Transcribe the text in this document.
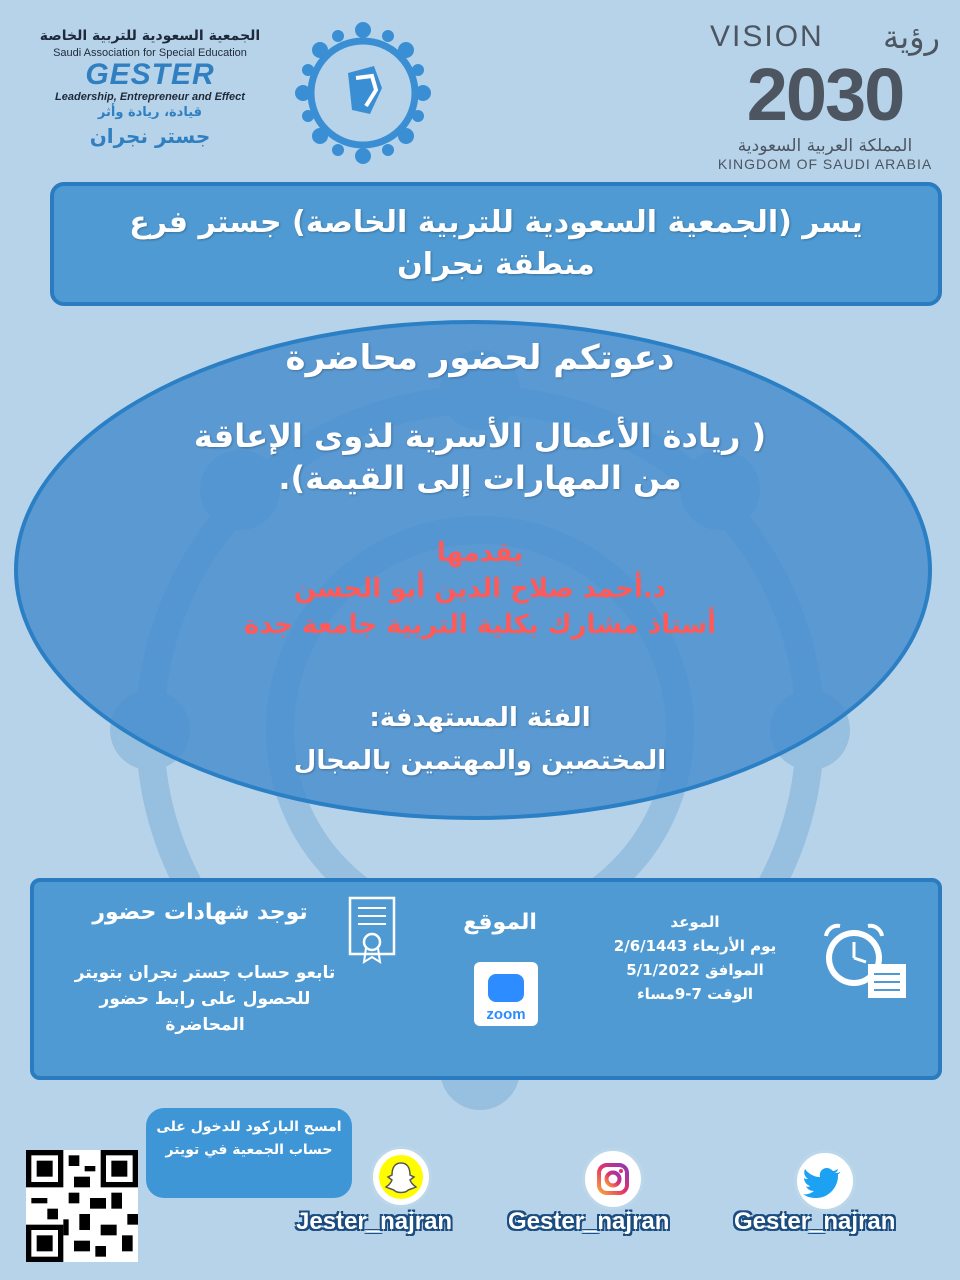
الجمعية السعودية للتربية الخاصة
Saudi Association for Special Education
GESTER
Leadership, Entrepreneur and Effect
قيادة، ريادة وأثر
جستر نجران
VISION رؤية
2030
المملكة العربية السعودية
KINGDOM OF SAUDI ARABIA
يسر (الجمعية السعودية للتربية الخاصة) جستر فرع منطقة نجران
دعوتكم لحضور محاضرة
( ريادة الأعمال الأسرية لذوى الإعاقة
من المهارات إلى القيمة).
يقدمها
د.أحمد صلاح الدين أبو الحسن
أستاذ مشارك بكلية التربية جامعة جدة
الفئة المستهدفة:
المختصين والمهتمين بالمجال
توجد شهادات حضور
تابعو حساب جستر نجران بتويتر للحصول على رابط حضور المحاضرة
الموقع
zoom
الموعد
يوم الأربعاء 2/6/1443
الموافق 5/1/2022
الوقت 7-9مساء
امسح الباركود للدخول على حساب الجمعية في تويتر
Jester_najran Gester_najran	Gester_najran
